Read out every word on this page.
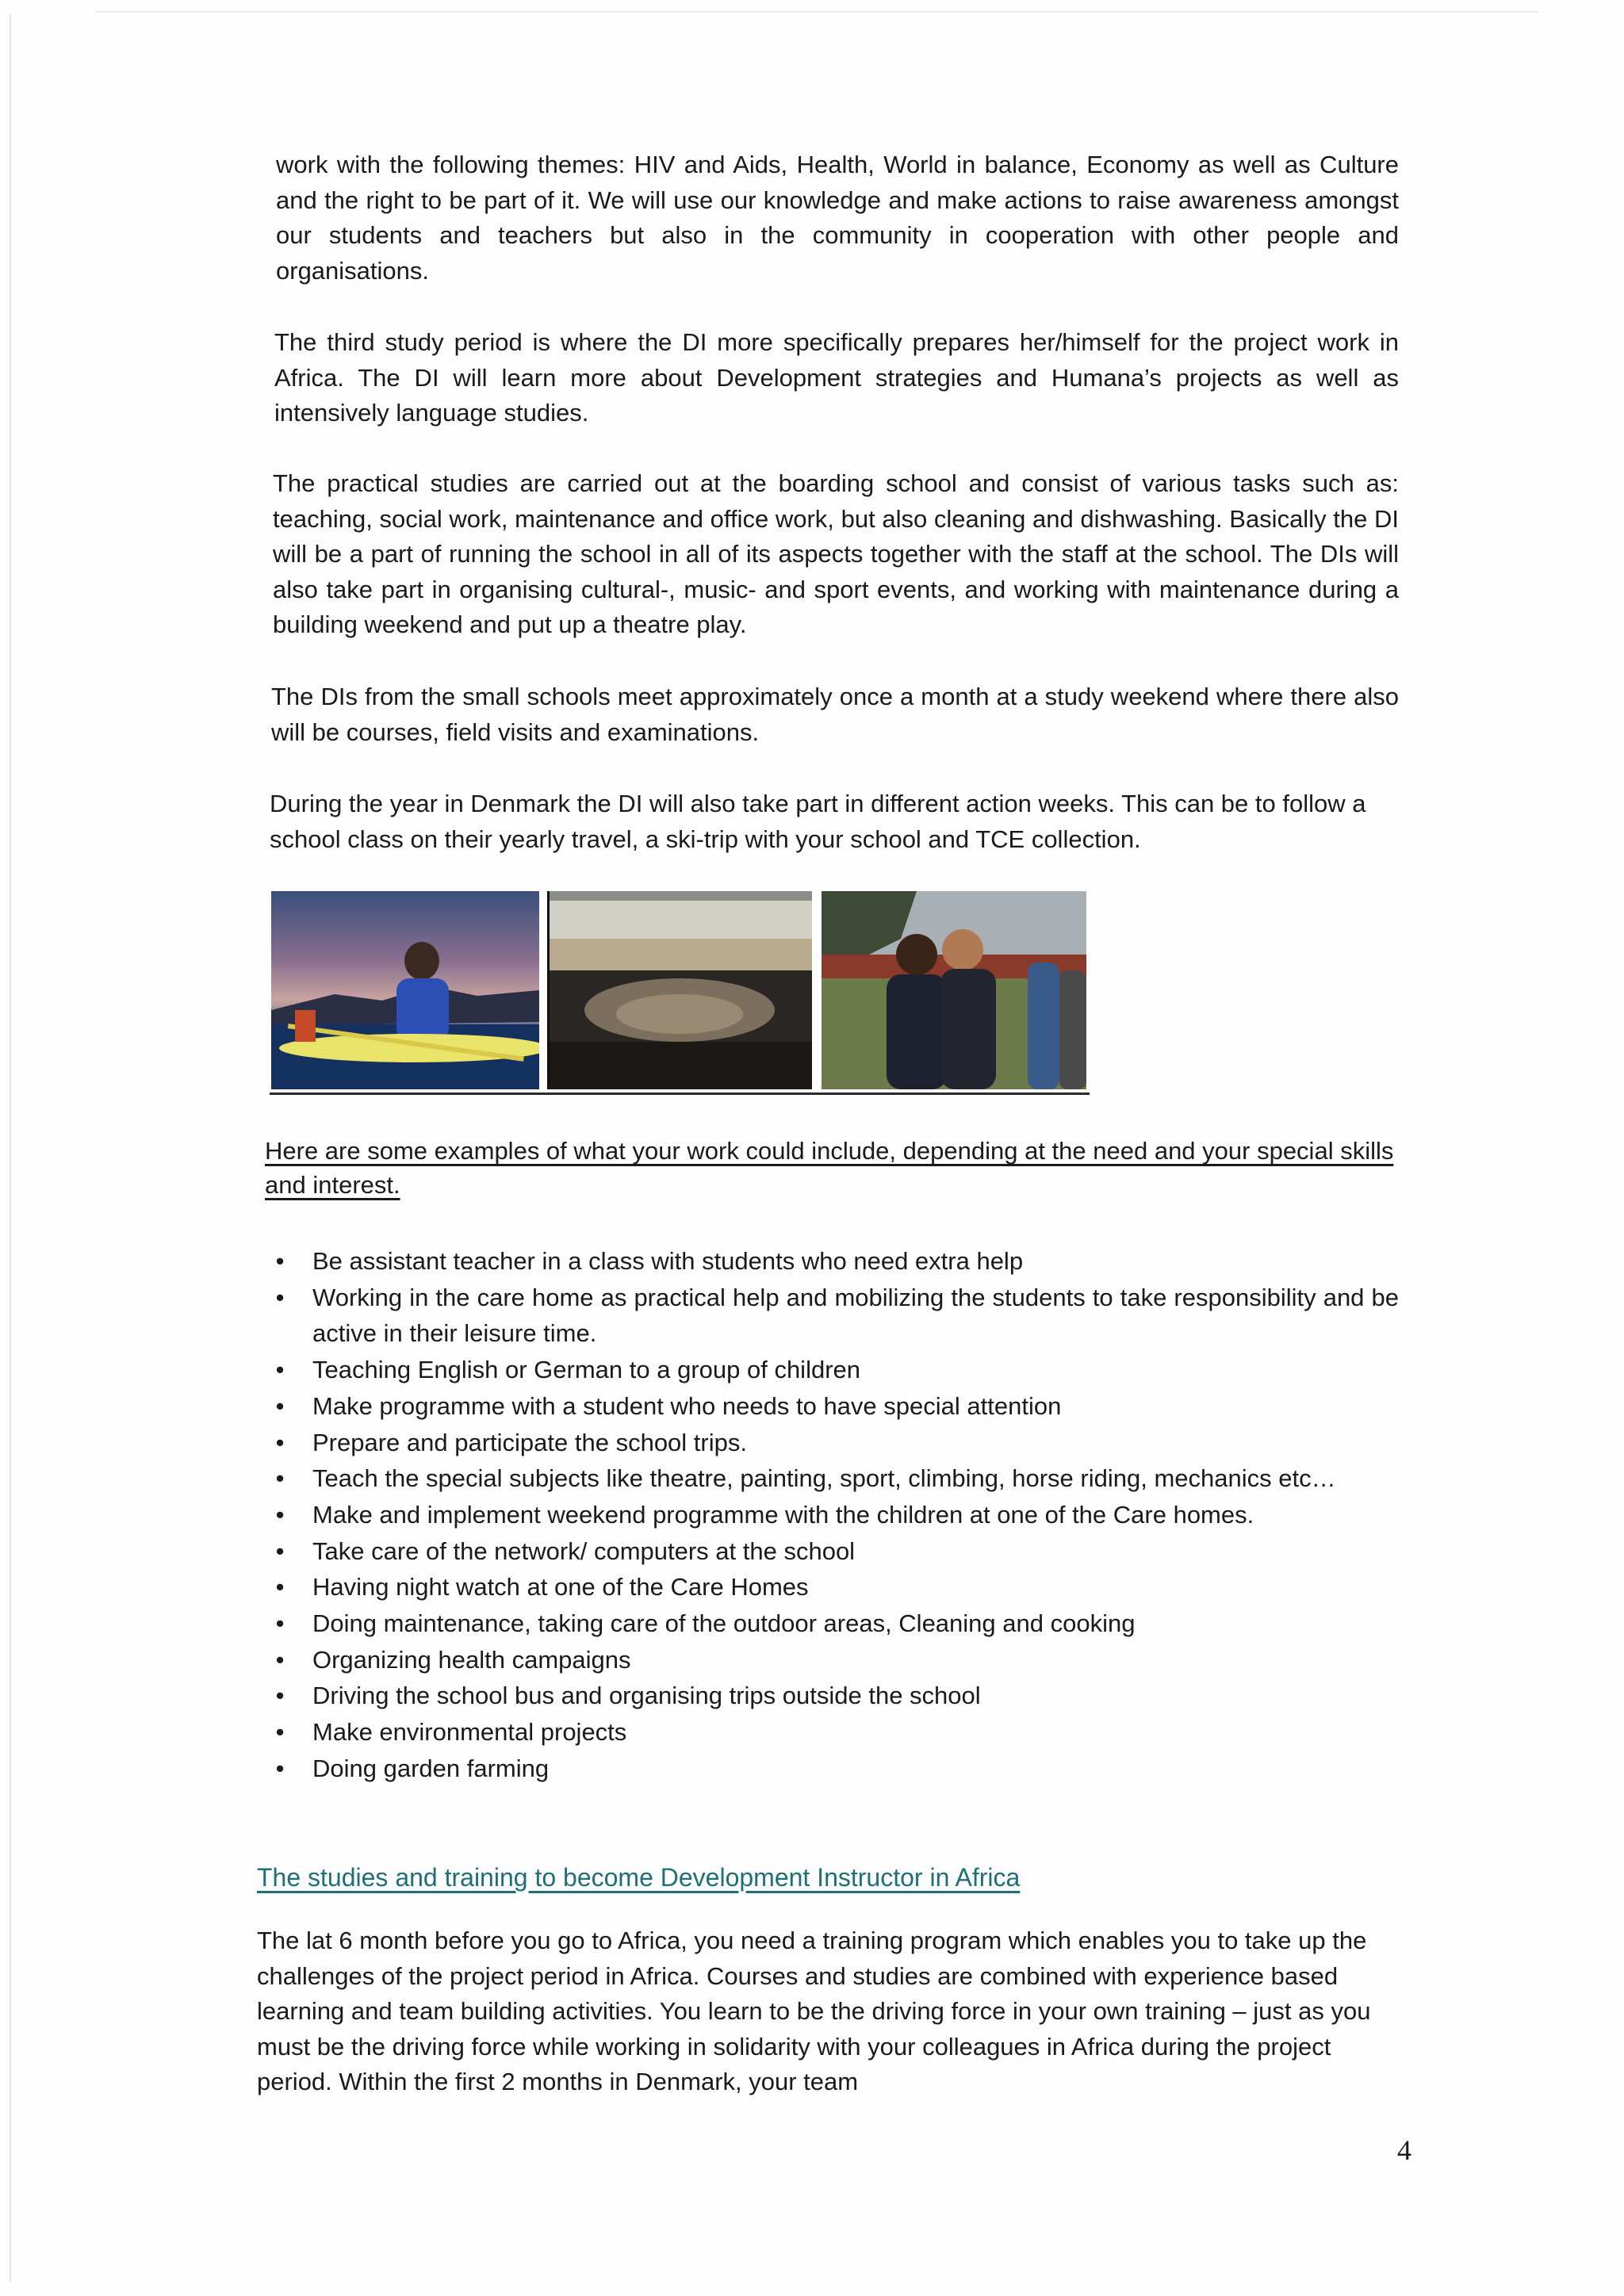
work with the following themes: HIV and Aids, Health, World in balance, Economy as well as Culture and the right to be part of it. We will use our knowledge and make actions to raise awareness amongst our students and teachers but also in the community in cooperation with other people and organisations.

The third study period is where the DI more specifically prepares her/himself for the project work in Africa. The DI will learn more about Development strategies and Humana’s projects as well as intensively language studies.

The practical studies are carried out at the boarding school and consist of various tasks such as: teaching, social work, maintenance and office work, but also cleaning and dishwashing. Basically the DI will be a part of running the school in all of its aspects together with the staff at the school. The DIs will also take part in organising cultural-, music- and sport events, and working with maintenance during a building weekend and put up a theatre play.

The DIs from the small schools meet approximately once a month at a study weekend where there also will be courses, field visits and examinations.

During the year in Denmark the DI will also take part in different action weeks. This can be to follow a school class on their yearly travel, a ski-trip with your school and TCE collection.

Here are some examples of what your work could include, depending at the need and your special skills and interest.

•	Be assistant teacher in a class with students who need extra help
•	Working in the care home as practical help and mobilizing the students to take responsibility and be active in their leisure time.
•	Teaching English or German to a group of children
•	Make programme with a student who needs to have special attention
•	Prepare and participate the school trips.
•	Teach the special subjects like theatre, painting, sport, climbing, horse riding, mechanics etc…
•	Make and implement weekend programme with the children at one of the Care homes.
•	Take care of the network/ computers at the school
•	Having night watch at one of the Care Homes
•	Doing maintenance, taking care of the outdoor areas, Cleaning and cooking
•	Organizing health campaigns
•	Driving the school bus and organising trips outside the school
•	Make environmental projects
•	Doing garden farming
The studies and training to become Development Instructor in Africa

The lat 6 month before you go to Africa, you need a training program which enables you to take up the challenges of the project period in Africa. Courses and studies are combined with experience based learning and team building activities. You learn to be the driving force in your own training – just as you must be the driving force while working in solidarity with your colleagues in Africa during the project period. Within the first 2 months in Denmark, your team

4
